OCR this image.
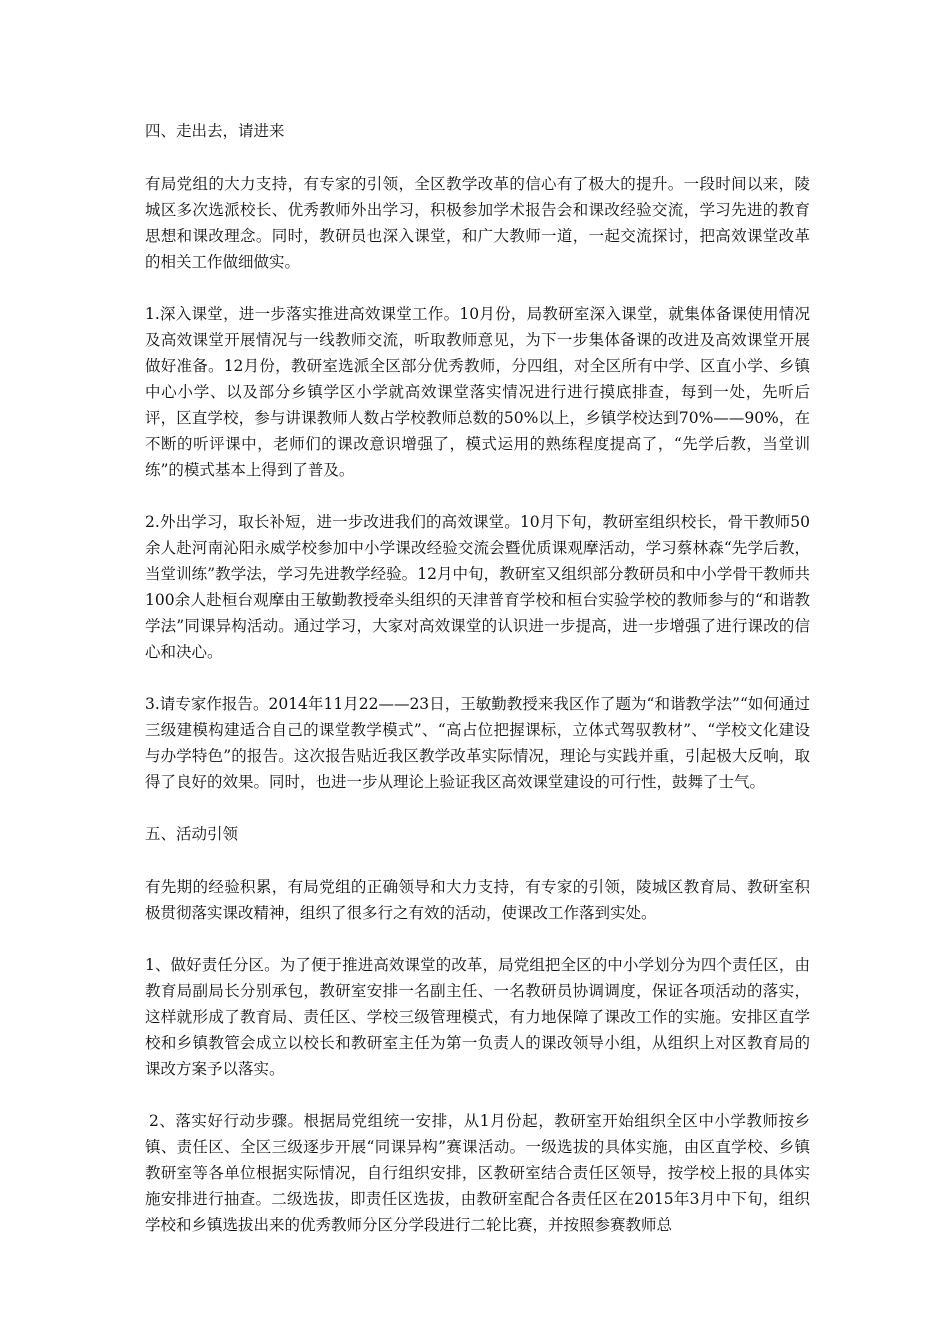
四、走出去，请进来

有局党组的大力支持，有专家的引领，全区教学改革的信心有了极大的提升。一段时间以来，陵城区多次选派校长、优秀教师外出学习，积极参加学术报告会和课改经验交流，学习先进的教育思想和课改理念。同时，教研员也深入课堂，和广大教师一道，一起交流探讨，把高效课堂改革的相关工作做细做实。

1.深入课堂，进一步落实推进高效课堂工作。10月份，局教研室深入课堂，就集体备课使用情况及高效课堂开展情况与一线教师交流，听取教师意见，为下一步集体备课的改进及高效课堂开展做好准备。12月份，教研室选派全区部分优秀教师，分四组，对全区所有中学、区直小学、乡镇中心小学、以及部分乡镇学区小学就高效课堂落实情况进行进行摸底排查，每到一处，先听后评，区直学校，参与讲课教师人数占学校教师总数的50%以上，乡镇学校达到70%——90%，在不断的听评课中，老师们的课改意识增强了，模式运用的熟练程度提高了，“先学后教，当堂训练”的模式基本上得到了普及。

2.外出学习，取长补短，进一步改进我们的高效课堂。10月下旬，教研室组织校长，骨干教师50余人赴河南沁阳永威学校参加中小学课改经验交流会暨优质课观摩活动，学习蔡林森“先学后教，当堂训练”教学法，学习先进教学经验。12月中旬，教研室又组织部分教研员和中小学骨干教师共100余人赴桓台观摩由王敏勤教授牵头组织的天津普育学校和桓台实验学校的教师参与的“和谐教学法”同课异构活动。通过学习，大家对高效课堂的认识进一步提高，进一步增强了进行课改的信心和决心。

3.请专家作报告。2014年11月22——23日，王敏勤教授来我区作了题为“和谐教学法”“如何通过三级建模构建适合自己的课堂教学模式”、“高占位把握课标，立体式驾驭教材”、“学校文化建设与办学特色”的报告。这次报告贴近我区教学改革实际情况，理论与实践并重，引起极大反响，取得了良好的效果。同时，也进一步从理论上验证我区高效课堂建设的可行性，鼓舞了士气。

五、活动引领

有先期的经验积累，有局党组的正确领导和大力支持，有专家的引领，陵城区教育局、教研室积极贯彻落实课改精神，组织了很多行之有效的活动，使课改工作落到实处。

1、做好责任分区。为了便于推进高效课堂的改革，局党组把全区的中小学划分为四个责任区，由教育局副局长分别承包，教研室安排一名副主任、一名教研员协调调度，保证各项活动的落实，这样就形成了教育局、责任区、学校三级管理模式，有力地保障了课改工作的实施。安排区直学校和乡镇教管会成立以校长和教研室主任为第一负责人的课改领导小组，从组织上对区教育局的课改方案予以落实。

2、落实好行动步骤。根据局党组统一安排，从1月份起，教研室开始组织全区中小学教师按乡镇、责任区、全区三级逐步开展“同课异构”赛课活动。一级选拔的具体实施，由区直学校、乡镇教研室等各单位根据实际情况，自行组织安排，区教研室结合责任区领导，按学校上报的具体实施安排进行抽查。二级选拔，即责任区选拔，由教研室配合各责任区在2015年3月中下旬，组织学校和乡镇选拔出来的优秀教师分区分学段进行二轮比赛，并按照参赛教师总
